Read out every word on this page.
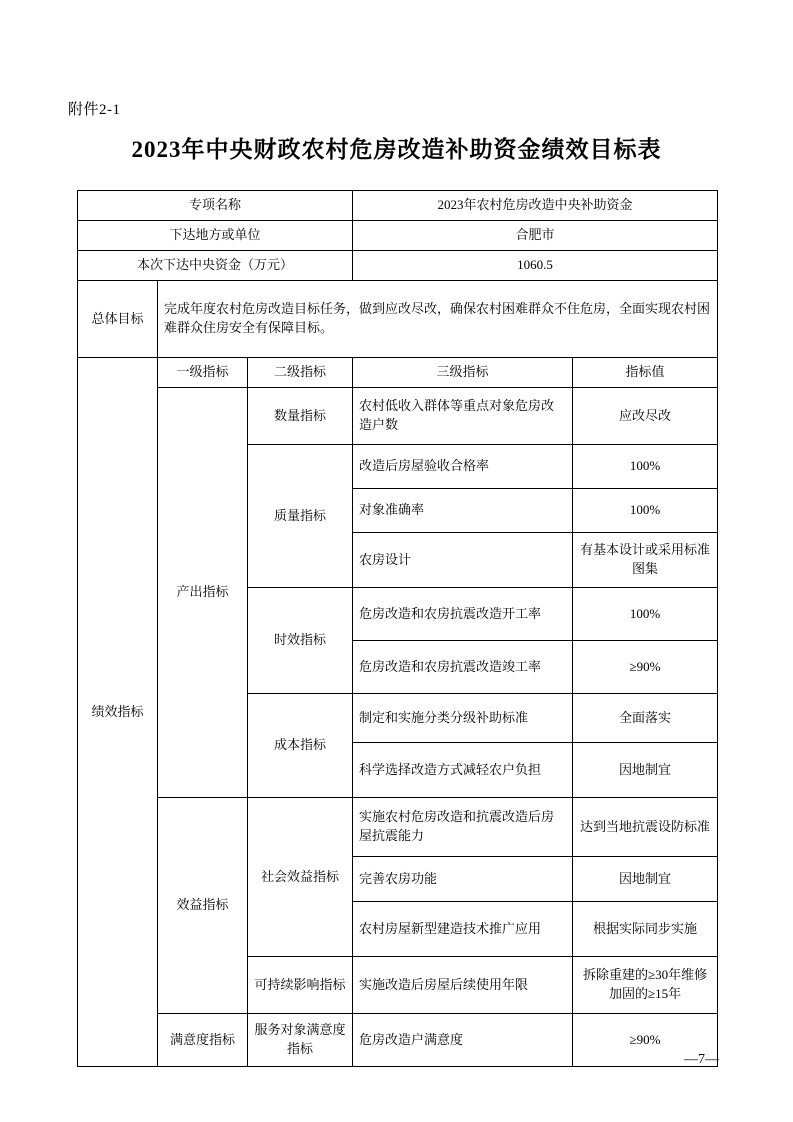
附件2-1
2023年中央财政农村危房改造补助资金绩效目标表
专项名称			2023年农村危房改造中央补助资金	
下达地方或单位			合肥市	
本次下达中央资金（万元）			1060.5	
总体目标	完成年度农村危房改造目标任务，做到应改尽改，确保农村困难群众不住危房，全面实现农村困难群众住房安全有保障目标。			
绩效指标	一级指标	二级指标	三级指标	指标值
	产出指标	数量指标	农村低收入群体等重点对象危房改造户数	应改尽改
		质量指标	改造后房屋验收合格率	100%
			对象准确率	100%
			农房设计	有基本设计或采用标准图集
		时效指标	危房改造和农房抗震改造开工率	100%
			危房改造和农房抗震改造竣工率	≥90%
		成本指标	制定和实施分类分级补助标准	全面落实
			科学选择改造方式减轻农户负担	因地制宜
	效益指标	社会效益指标	实施农村危房改造和抗震改造后房屋抗震能力	达到当地抗震设防标准
			完善农房功能	因地制宜
			农村房屋新型建造技术推广应用	根据实际同步实施
		可持续影响指标	实施改造后房屋后续使用年限	拆除重建的≥30年维修加固的≥15年
	满意度指标	服务对象满意度指标	危房改造户满意度	≥90%
—7—
